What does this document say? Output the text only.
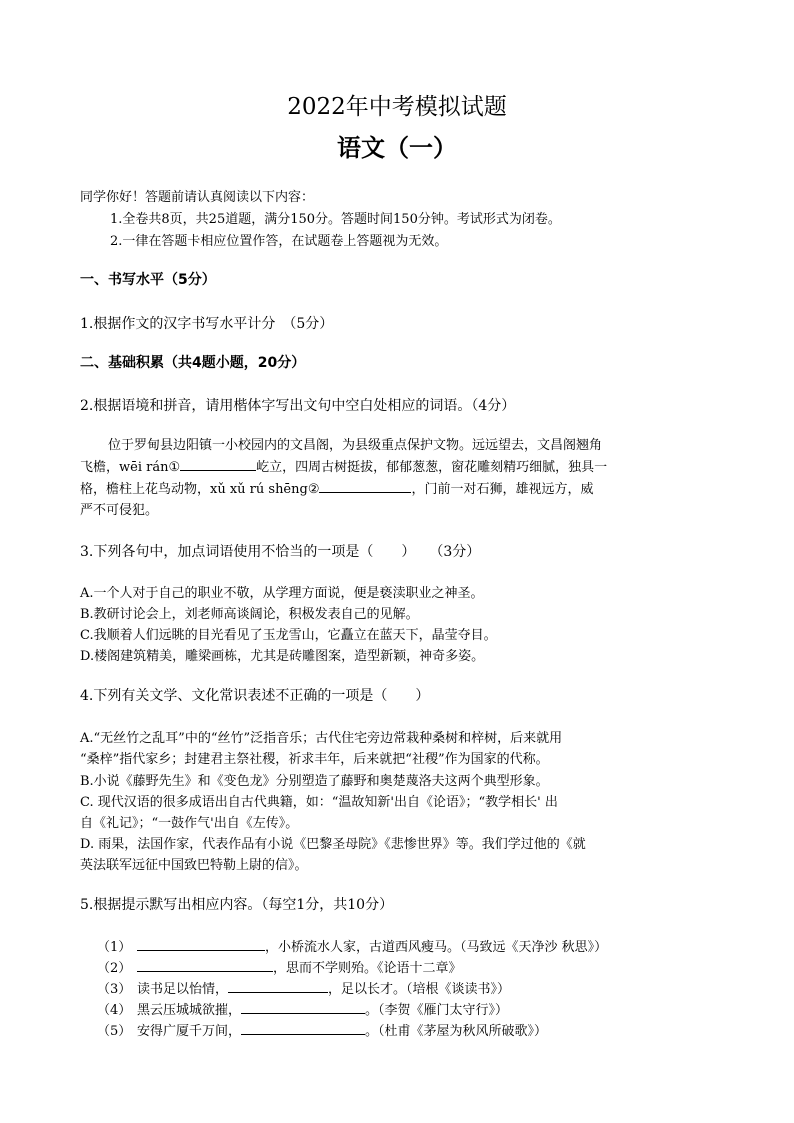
2022年中考模拟试题
语文（一）
同学你好！答题前请认真阅读以下内容：
1.全卷共8页，共25道题，满分150分。答题时间150分钟。考试形式为闭卷。
2.一律在答题卡相应位置作答，在试题卷上答题视为无效。
一、书写水平（5分）
1.根据作文的汉字书写水平计分　（5分）
二、基础积累（共4题小题，20分）
2.根据语境和拼音，请用楷体字写出文句中空白处相应的词语。（4分）
位于罗甸县边阳镇一小校园内的文昌阁，为县级重点保护文物。远远望去，文昌阁翘角
飞檐，wēi rán①	屹立，四周古树挺拔，郁郁葱葱，窗花雕刻精巧细腻，独具一
格，檐柱上花鸟动物，xǔ xǔ rú shēng②	，门前一对石狮，雄视远方，威
严不可侵犯。
3.下列各句中，加点词语使用不恰当的一项是（　　）　　（3分）
A.一个人对于自己的职业不敬，从学理方面说，便是亵渎职业之神圣。
B.教研讨论会上，刘老师高谈阔论，积极发表自己的见解。
C.我顺着人们远眺的目光看见了玉龙雪山，它矗立在蓝天下，晶莹夺目。
D.楼阁建筑精美，雕梁画栋，尤其是砖雕图案，造型新颖，神奇多姿。
4.下列有关文学、文化常识表述不正确的一项是（　　）
A.“无丝竹之乱耳”中的“丝竹”泛指音乐；古代住宅旁边常栽种桑树和梓树，后来就用
“桑梓”指代家乡；封建君主祭社稷，祈求丰年，后来就把“社稷”作为国家的代称。
B.小说《藤野先生》和《变色龙》分别塑造了藤野和奥楚蔑洛夫这两个典型形象。
C. 现代汉语的很多成语出自古代典籍，如：“温故知新'出自《论语》；“教学相长' 出
自《礼记》；“一鼓作气'出自《左传》。
D. 雨果，法国作家，代表作品有小说《巴黎圣母院》《悲惨世界》等。我们学过他的《就
英法联军远征中国致巴特勒上尉的信》。
5.根据提示默写出相应内容。（每空1分，共10分）
（1）	，小桥流水人家，古道西风瘦马。（马致远《天净沙 秋思》）
（2）	，思而不学则殆。《论语十二章》
（3） 读书足以怡情，	，足以长才。（培根《谈读书》）
（4） 黑云压城城欲摧，	。（李贺《雁门太守行》）
（5） 安得广厦千万间，	。（杜甫《茅屋为秋风所破歌》）
